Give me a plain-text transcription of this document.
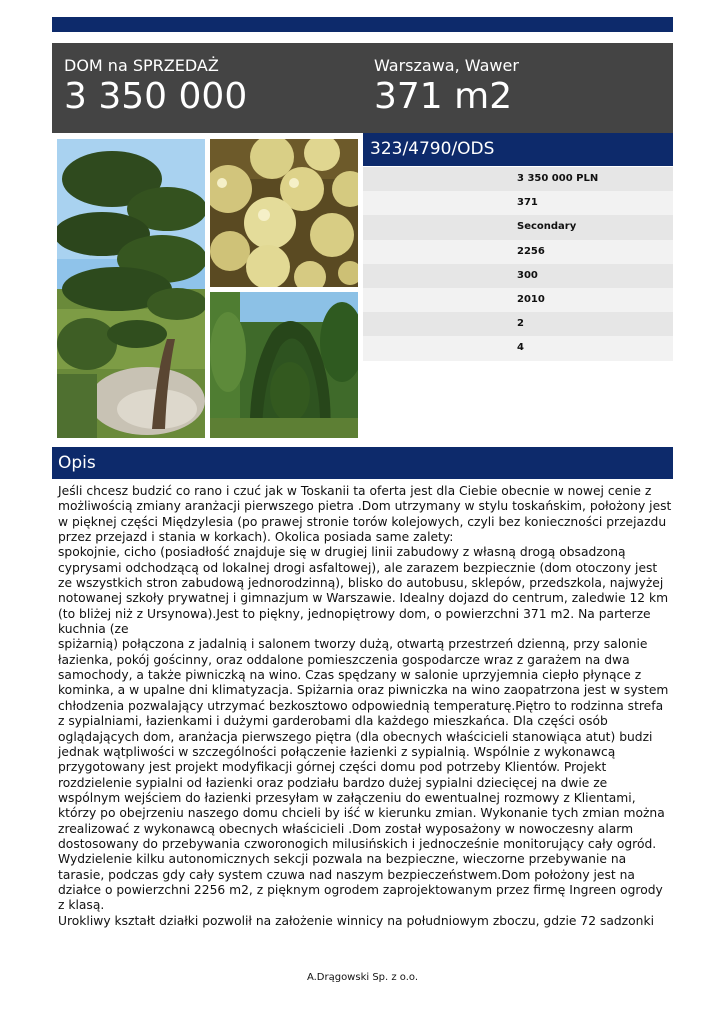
DOM na SPRZEDAŻ
3 350 000
Warszawa, Wawer
371 m2
323/4790/ODS
3 350 000 PLN
371
Secondary
2256
300
2010
2
4
Opis

Jeśli chcesz budzić co rano i czuć jak w Toskanii ta oferta jest dla Ciebie obecnie w nowej cenie z

możliwością zmiany aranżacji pierwszego pietra .Dom utrzymany w stylu toskańskim, położony jest

w pięknej części Międzylesia (po prawej stronie torów kolejowych, czyli bez konieczności przejazdu

przez przejazd i stania w korkach). Okolica posiada same zalety:

spokojnie, cicho (posiadłość znajduje się w drugiej linii zabudowy z własną drogą obsadzoną

cyprysami odchodzącą od lokalnej drogi asfaltowej), ale zarazem bezpiecznie (dom otoczony jest

ze wszystkich stron zabudową jednorodzinną), blisko do autobusu, sklepów, przedszkola, najwyżej

notowanej szkoły prywatnej i gimnazjum w Warszawie. Idealny dojazd do centrum, zaledwie 12 km

(to bliżej niż z Ursynowa).Jest to piękny, jednopiętrowy dom, o powierzchni 371 m2. Na parterze

kuchnia (ze

spiżarnią) połączona z jadalnią i salonem tworzy dużą, otwartą przestrzeń dzienną, przy salonie

łazienka, pokój gościnny, oraz oddalone pomieszczenia gospodarcze wraz z garażem na dwa

samochody, a także piwniczką na wino. Czas spędzany w salonie uprzyjemnia ciepło płynące z

kominka, a w upalne dni klimatyzacja. Spiżarnia oraz piwniczka na wino zaopatrzona jest w system

chłodzenia pozwalający utrzymać bezkosztowo odpowiednią temperaturę.Piętro to rodzinna strefa

z sypialniami, łazienkami i dużymi garderobami dla każdego mieszkańca. Dla części osób

oglądających dom, aranżacja pierwszego piętra (dla obecnych właścicieli stanowiąca atut) budzi

jednak wątpliwości w szczególności połączenie łazienki z sypialnią. Wspólnie z wykonawcą

przygotowany jest projekt modyfikacji górnej części domu pod potrzeby Klientów. Projekt

rozdzielenie sypialni od łazienki oraz podziału bardzo dużej sypialni dziecięcej na dwie ze

wspólnym wejściem do łazienki przesyłam w załączeniu do ewentualnej rozmowy z Klientami,

którzy po obejrzeniu naszego domu chcieli by iść w kierunku zmian. Wykonanie tych zmian można

zrealizować z wykonawcą obecnych właścicieli .Dom został wyposażony w nowoczesny alarm

dostosowany do przebywania czworonogich milusińskich i jednocześnie monitorujący cały ogród.

Wydzielenie kilku autonomicznych sekcji pozwala na bezpieczne, wieczorne przebywanie na

tarasie, podczas gdy cały system czuwa nad naszym bezpieczeństwem.Dom położony jest na

działce o powierzchni 2256 m2, z pięknym ogrodem zaprojektowanym przez firmę Ingreen ogrody

z klasą.

Urokliwy kształt działki pozwolił na założenie winnicy na południowym zboczu, gdzie 72 sadzonki

A.Drągowski Sp. z o.o.
